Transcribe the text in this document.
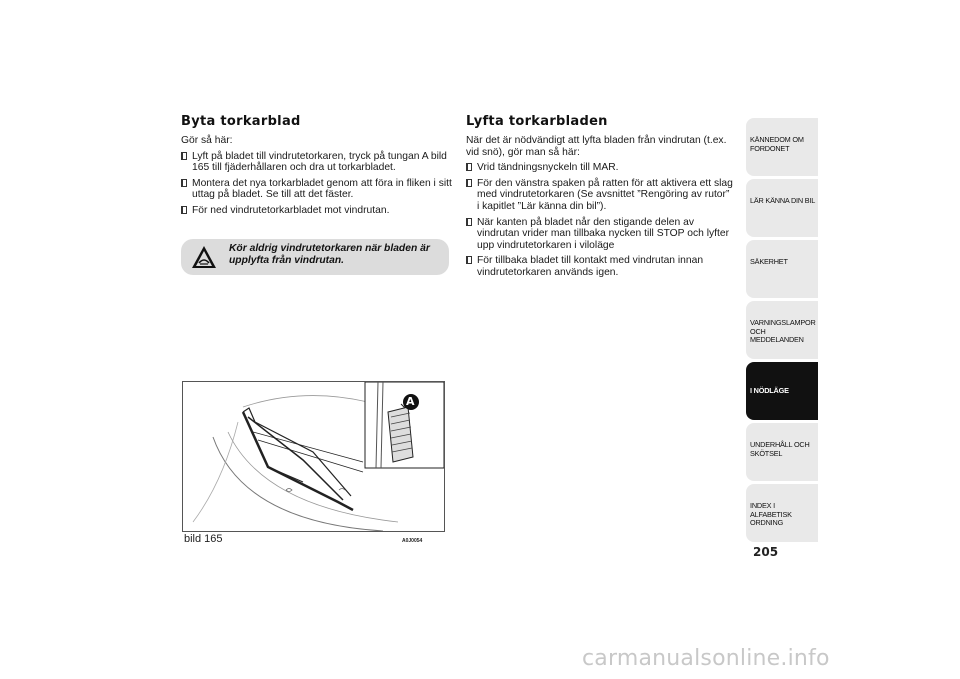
Byta torkarblad

Gör så här:

Lyft på bladet till vindrutetorkaren, tryck på tungan A bild 165 till fjäderhållaren och dra ut torkarbladet.
Montera det nya torkarbladet genom att föra in fliken i sitt uttag på bladet. Se till att det fäster.
För ned vindrutetorkarbladet mot vindrutan.
Kör aldrig vindrutetorkaren när bladen är upplyfta från vindrutan.
Lyfta torkarbladen

När det är nödvändigt att lyfta bladen från vindrutan (t.ex. vid snö), gör man så här:

Vrid tändningsnyckeln till MAR.
För den vänstra spaken på ratten för att aktivera ett slag med vindrutetorkaren (Se avsnittet ”Rengöring av rutor” i kapitlet ”Lär känna din bil”).
När kanten på bladet når den stigande delen av vindrutan vrider man tillbaka nycken till STOP och lyfter upp vindrutetorkaren i viloläge
För tillbaka bladet till kontakt med vindrutan innan vindrutetorkaren används igen.
A
bild 165	A0J0054
KÄNNEDOM OM FORDONET
LÄR KÄNNA DIN BIL
SÄKERHET
VARNINGSLAMPOR OCH MEDDELANDEN
I NÖDLÄGE
UNDERHÅLL OCH SKÖTSEL
INDEX I ALFABETISK ORDNING
205
carmanualsonline.info
